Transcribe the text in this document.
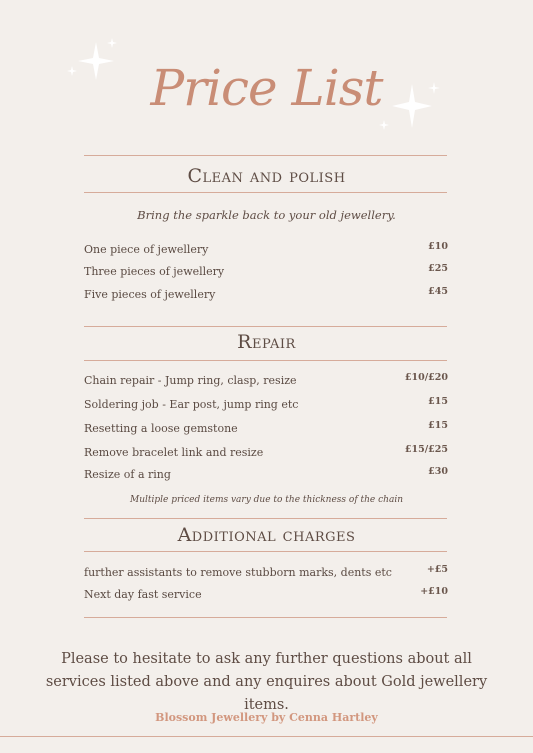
Price List
Clean and polish
Bring the sparkle back to your old jewellery.
One piece of jewellery	£10
Three pieces of jewellery	£25
Five pieces of jewellery	£45
Repair
Chain repair - Jump ring, clasp, resize	£10/£20
Soldering job - Ear post, jump ring etc	£15
Resetting a loose gemstone	£15
Remove bracelet link and resize	£15/£25
Resize of a ring	£30
Multiple priced items vary due to the thickness of the chain
Additional charges
further assistants to remove stubborn marks, dents etc	+£5
Next day fast service	+£10
Please to hesitate to ask any further questions about all services listed above and any enquires about Gold jewellery items.
Blossom Jewellery by Cenna Hartley
